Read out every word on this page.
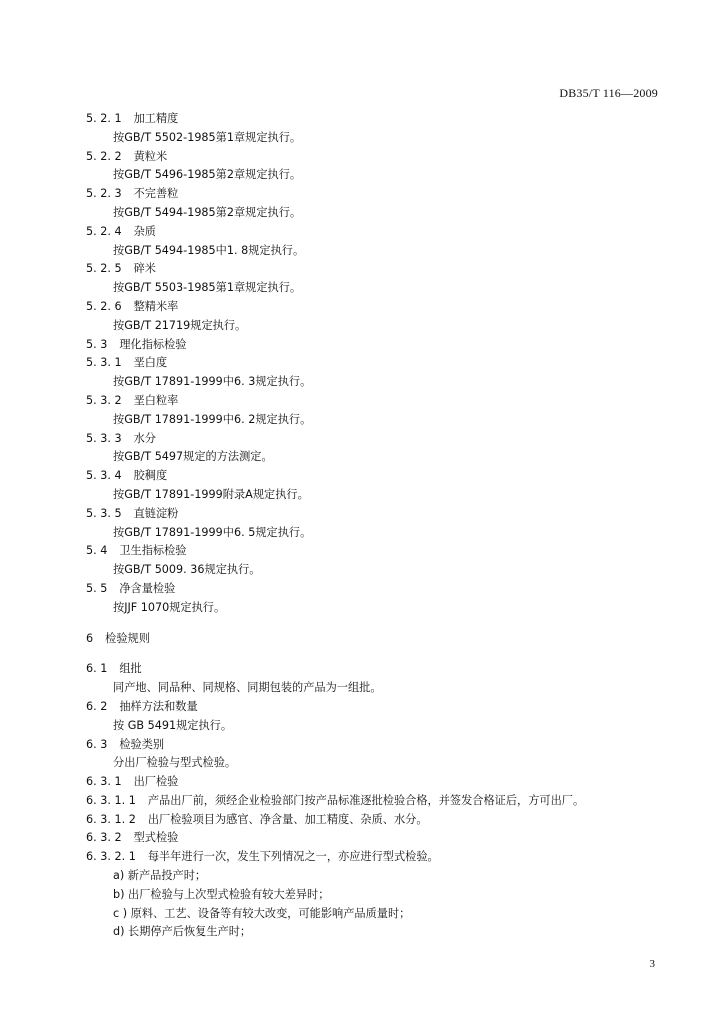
DB35/T 116—2009
5. 2. 1 加工精度
按GB/T 5502-1985第1章规定执行。
5. 2. 2 黄粒米
按GB/T 5496-1985第2章规定执行。
5. 2. 3 不完善粒
按GB/T 5494-1985第2章规定执行。
5. 2. 4 杂质
按GB/T 5494-1985中1. 8规定执行。
5. 2. 5 碎米
按GB/T 5503-1985第1章规定执行。
5. 2. 6 整精米率
按GB/T 21719规定执行。
5. 3 理化指标检验
5. 3. 1 垩白度
按GB/T 17891-1999中6. 3规定执行。
5. 3. 2 垩白粒率
按GB/T 17891-1999中6. 2规定执行。
5. 3. 3 水分
按GB/T 5497规定的方法测定。
5. 3. 4 胶稠度
按GB/T 17891-1999附录A规定执行。
5. 3. 5 直链淀粉
按GB/T 17891-1999中6. 5规定执行。
5. 4 卫生指标检验
按GB/T 5009. 36规定执行。
5. 5 净含量检验
按JJF 1070规定执行。
6 检验规则
6. 1 组批
同产地、同品种、同规格、同期包装的产品为一组批。
6. 2 抽样方法和数量
按 GB 5491规定执行。
6. 3 检验类别
分出厂检验与型式检验。
6. 3. 1 出厂检验
6. 3. 1. 1 产品出厂前，须经企业检验部门按产品标准逐批检验合格，并签发合格证后，方可出厂。
6. 3. 1. 2 出厂检验项目为感官、净含量、加工精度、杂质、水分。
6. 3. 2 型式检验
6. 3. 2. 1 每半年进行一次，发生下列情况之一，亦应进行型式检验。
a) 新产品投产时；
b) 出厂检验与上次型式检验有较大差异时；
c ) 原料、工艺、设备等有较大改变，可能影响产品质量时；
d) 长期停产后恢复生产时；
3
